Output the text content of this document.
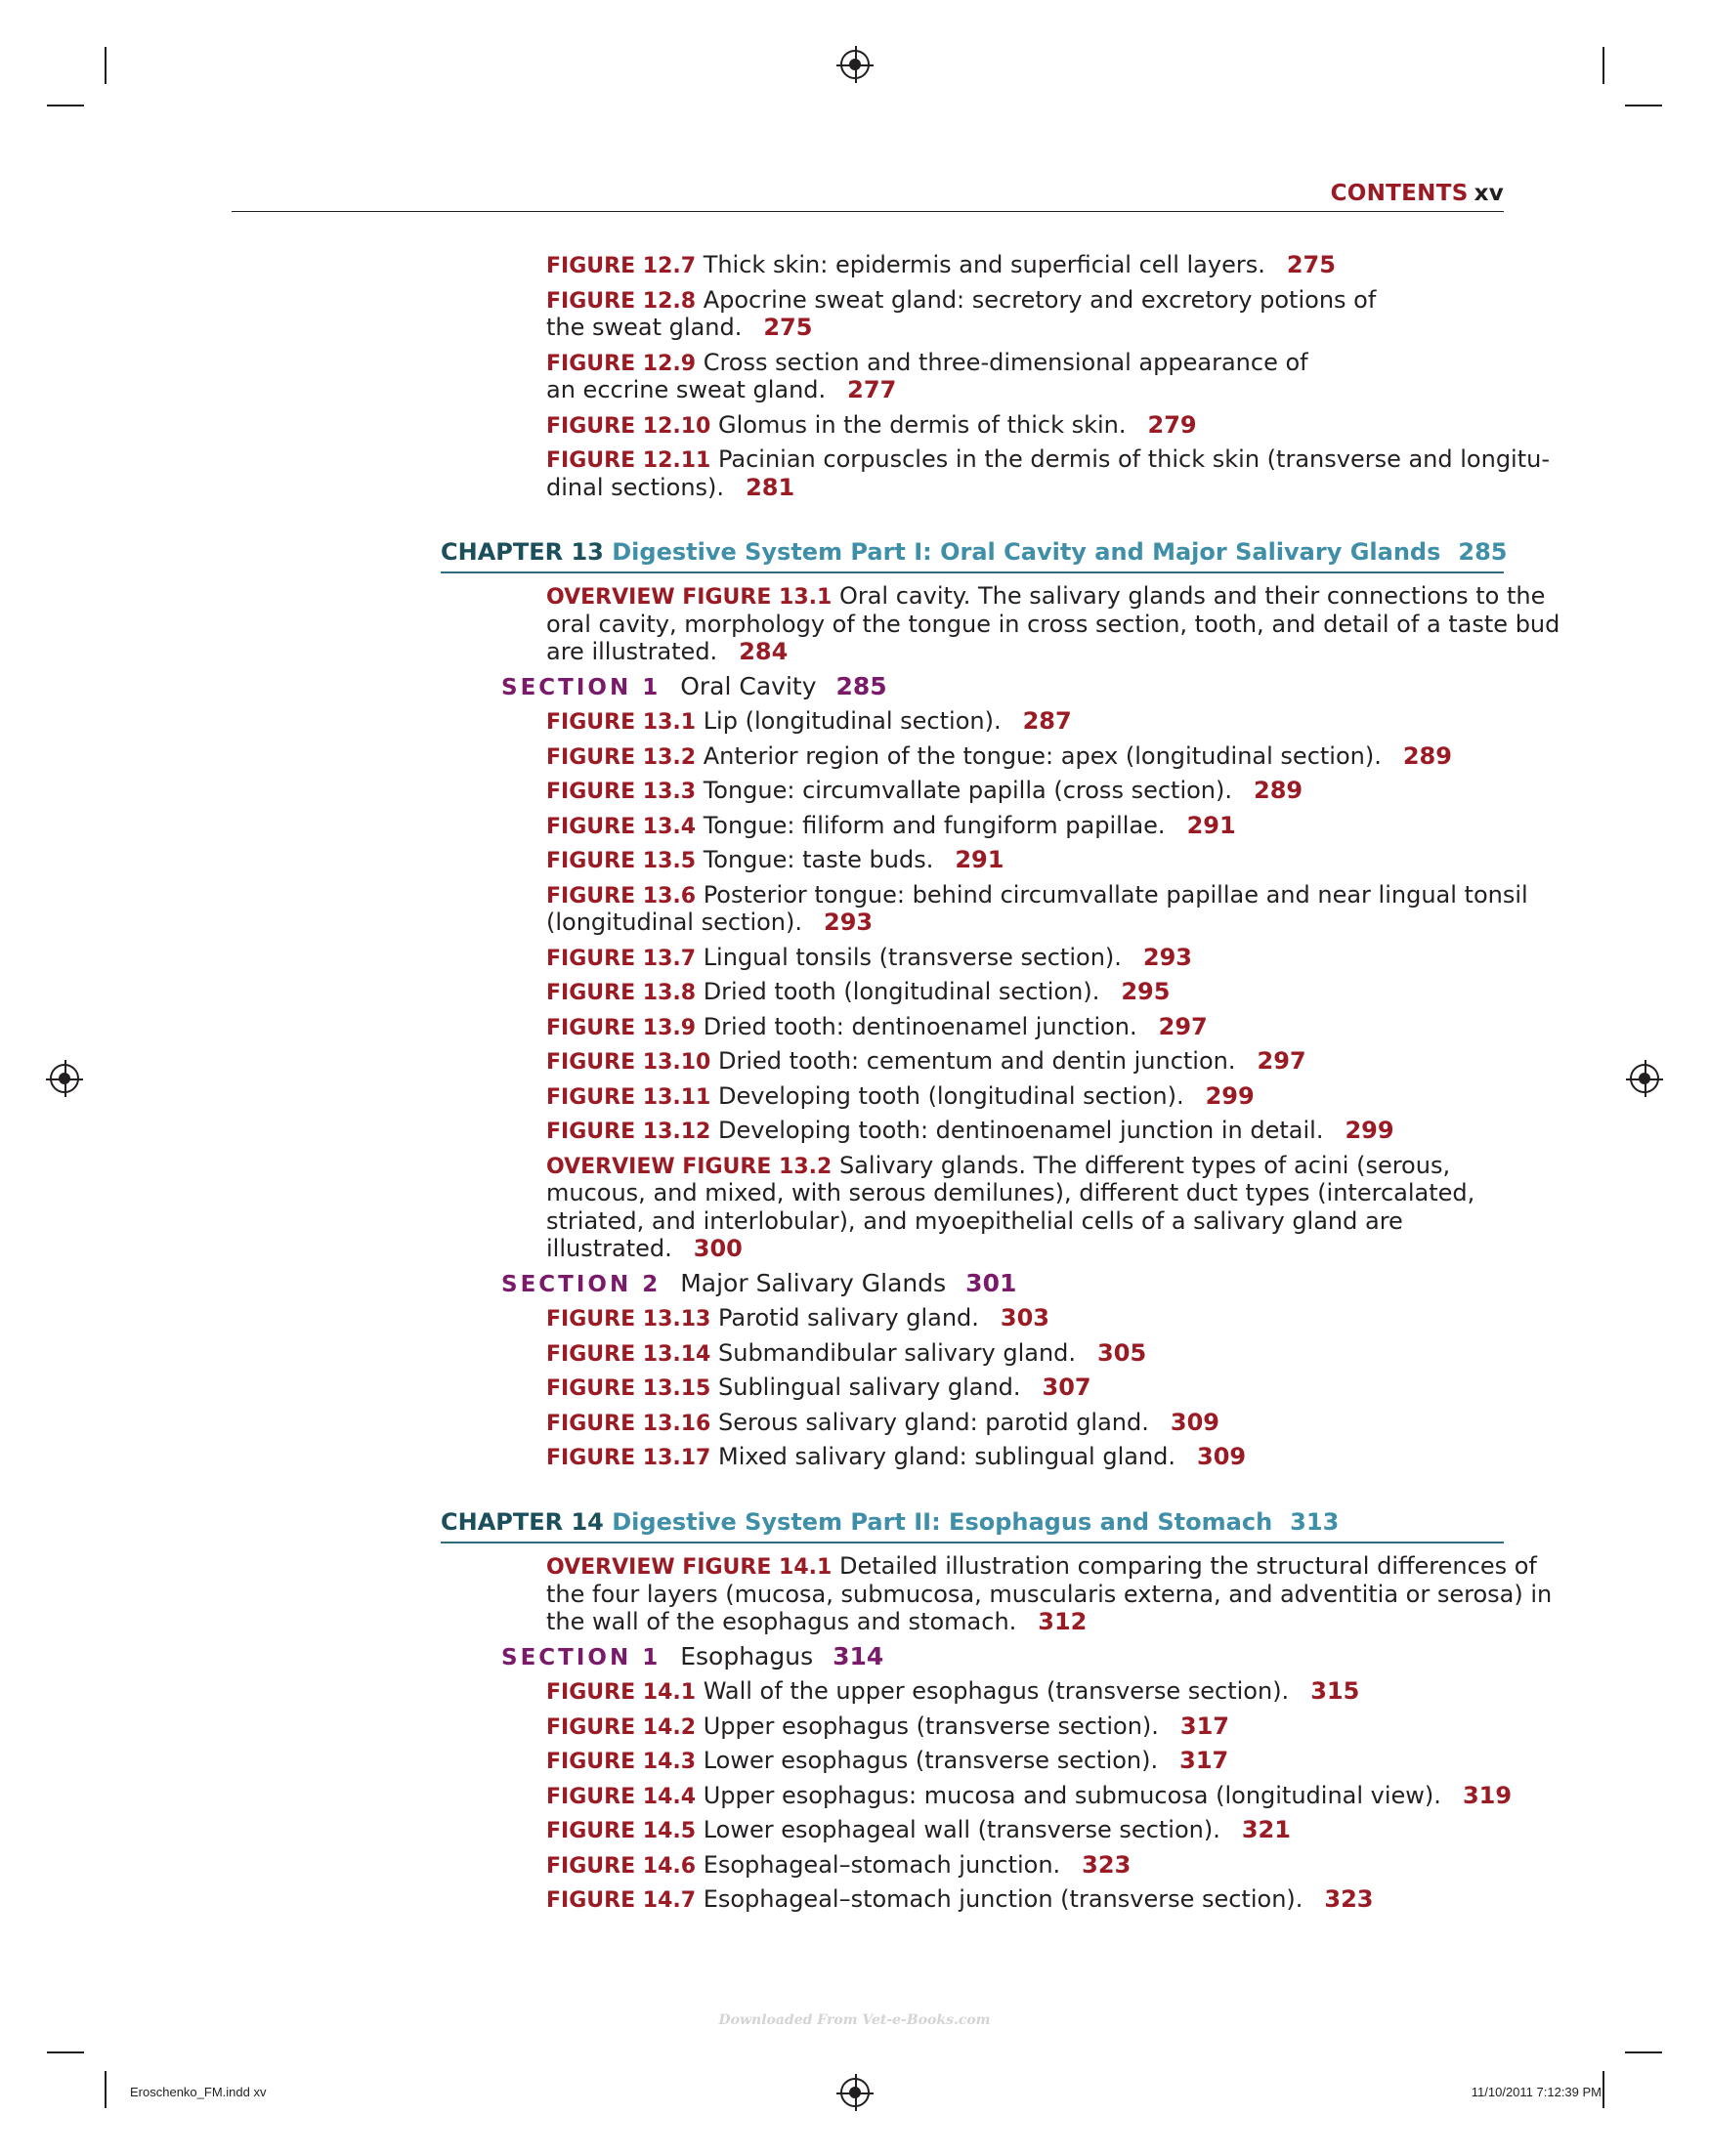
CONTENTS xv
FIGURE 12.7 Thick skin: epidermis and superficial cell layers. 275
FIGURE 12.8 Apocrine sweat gland: secretory and excretory potions of
the sweat gland. 275
FIGURE 12.9 Cross section and three-dimensional appearance of
an eccrine sweat gland. 277
FIGURE 12.10 Glomus in the dermis of thick skin. 279
FIGURE 12.11 Pacinian corpuscles in the dermis of thick skin (transverse and longitu-
dinal sections). 281
CHAPTER 13 Digestive System Part I: Oral Cavity and Major Salivary Glands 285
OVERVIEW FIGURE 13.1 Oral cavity. The salivary glands and their connections to the
oral cavity, morphology of the tongue in cross section, tooth, and detail of a taste bud
are illustrated. 284
SECTION 1 Oral Cavity 285
FIGURE 13.1 Lip (longitudinal section). 287
FIGURE 13.2 Anterior region of the tongue: apex (longitudinal section). 289
FIGURE 13.3 Tongue: circumvallate papilla (cross section). 289
FIGURE 13.4 Tongue: filiform and fungiform papillae. 291
FIGURE 13.5 Tongue: taste buds. 291
FIGURE 13.6 Posterior tongue: behind circumvallate papillae and near lingual tonsil
(longitudinal section). 293
FIGURE 13.7 Lingual tonsils (transverse section). 293
FIGURE 13.8 Dried tooth (longitudinal section). 295
FIGURE 13.9 Dried tooth: dentinoenamel junction. 297
FIGURE 13.10 Dried tooth: cementum and dentin junction. 297
FIGURE 13.11 Developing tooth (longitudinal section). 299
FIGURE 13.12 Developing tooth: dentinoenamel junction in detail. 299
OVERVIEW FIGURE 13.2 Salivary glands. The different types of acini (serous,
mucous, and mixed, with serous demilunes), different duct types (intercalated,
striated, and interlobular), and myoepithelial cells of a salivary gland are
illustrated. 300
SECTION 2 Major Salivary Glands 301
FIGURE 13.13 Parotid salivary gland. 303
FIGURE 13.14 Submandibular salivary gland. 305
FIGURE 13.15 Sublingual salivary gland. 307
FIGURE 13.16 Serous salivary gland: parotid gland. 309
FIGURE 13.17 Mixed salivary gland: sublingual gland. 309
CHAPTER 14 Digestive System Part II: Esophagus and Stomach 313
OVERVIEW FIGURE 14.1 Detailed illustration comparing the structural differences of
the four layers (mucosa, submucosa, muscularis externa, and adventitia or serosa) in
the wall of the esophagus and stomach. 312
SECTION 1 Esophagus 314
FIGURE 14.1 Wall of the upper esophagus (transverse section). 315
FIGURE 14.2 Upper esophagus (transverse section). 317
FIGURE 14.3 Lower esophagus (transverse section). 317
FIGURE 14.4 Upper esophagus: mucosa and submucosa (longitudinal view). 319
FIGURE 14.5 Lower esophageal wall (transverse section). 321
FIGURE 14.6 Esophageal–stomach junction. 323
FIGURE 14.7 Esophageal–stomach junction (transverse section). 323
Downloaded From Vet-e-Books.com
Eroschenko_FM.indd xv	11/10/2011 7:12:39 PM
